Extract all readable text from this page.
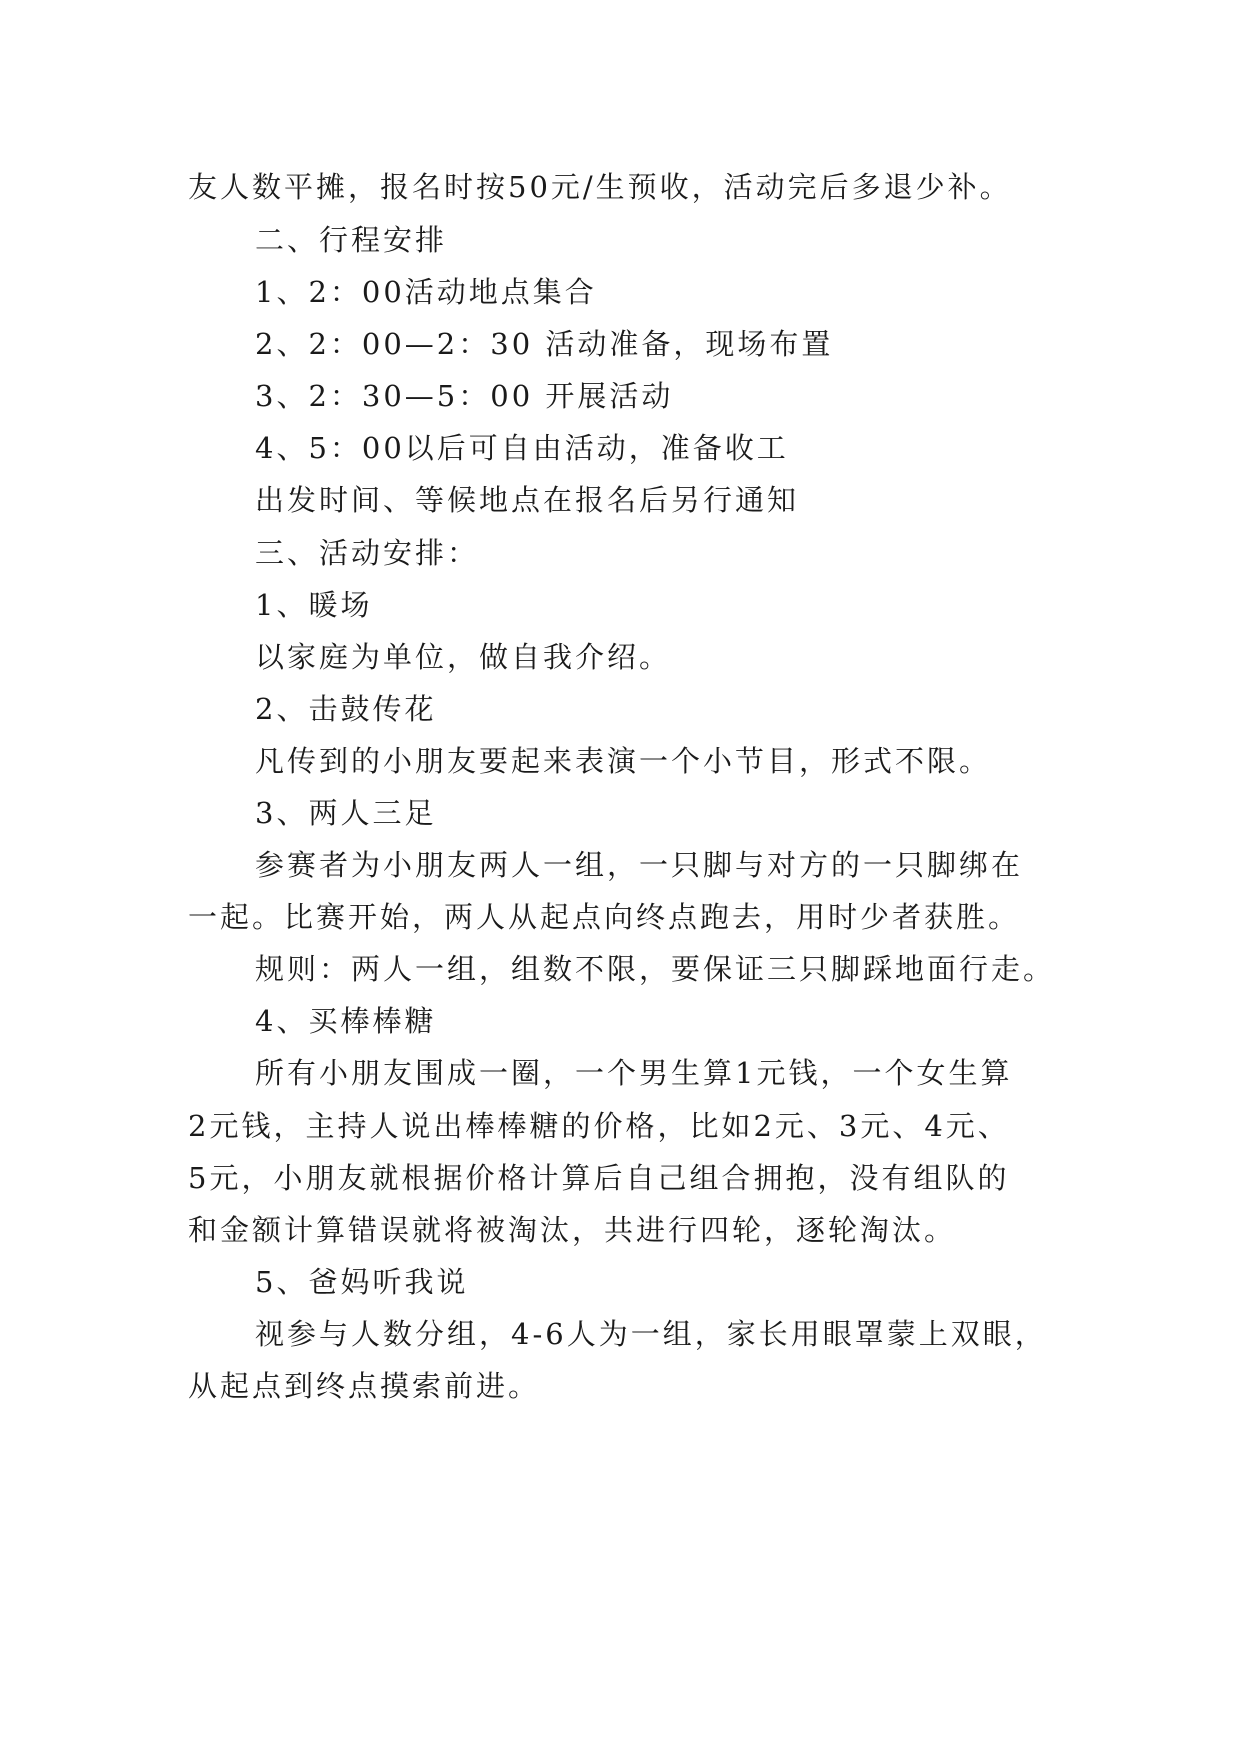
友人数平摊，报名时按50元/生预收，活动完后多退少补。
二、行程安排
1、2：00活动地点集合
2、2：00—2：30 活动准备，现场布置
3、2：30—5：00 开展活动
4、5：00以后可自由活动，准备收工
出发时间、等候地点在报名后另行通知
三、活动安排：
1、暖场
以家庭为单位，做自我介绍。
2、击鼓传花
凡传到的小朋友要起来表演一个小节目，形式不限。
3、两人三足
参赛者为小朋友两人一组，一只脚与对方的一只脚绑在
一起。比赛开始，两人从起点向终点跑去，用时少者获胜。
规则：两人一组，组数不限，要保证三只脚踩地面行走。
4、买棒棒糖
所有小朋友围成一圈，一个男生算1元钱，一个女生算
2元钱，主持人说出棒棒糖的价格，比如2元、3元、4元、
5元，小朋友就根据价格计算后自己组合拥抱，没有组队的
和金额计算错误就将被淘汰，共进行四轮，逐轮淘汰。
5、爸妈听我说
视参与人数分组，4-6人为一组，家长用眼罩蒙上双眼，
从起点到终点摸索前进。
